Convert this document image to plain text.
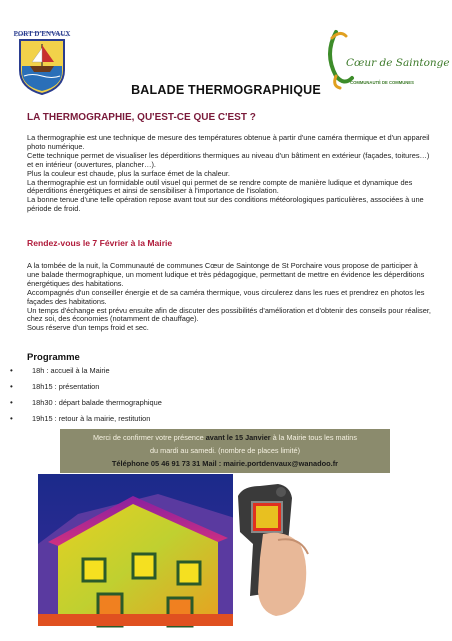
PORT D'ENVAUX
Cœur de Saintonge
COMMUNAUTÉ DE COMMUNES
BALADE THERMOGRAPHIQUE
LA THERMOGRAPHIE, QU'EST-CE QUE C'EST ?

La thermographie est une technique de mesure des températures obtenue à partir d'une caméra thermique et d'un appareil photo numérique.

Cette technique permet de visualiser les déperditions thermiques au niveau d'un bâtiment en extérieur (façades, toitures…) et en intérieur (ouvertures, plancher…).

Plus la couleur est chaude, plus la surface émet de la chaleur.

La thermographie est un formidable outil visuel qui permet de se rendre compte de manière ludique et dynamique des déperditions énergétiques et ainsi de sensibiliser à l'importance de l'isolation.

La bonne tenue d'une telle opération repose avant tout sur des conditions météorologiques particulières, associées à une période de froid.

Rendez-vous le 7 Février à la Mairie

A la tombée de la nuit, la Communauté de communes Cœur de Saintonge de St Porchaire vous propose de participer à une balade thermographique, un moment ludique et très pédagogique, permettant de mettre en évidence les déperditions énergétiques des habitations.

Accompagnés d'un conseiller énergie et de sa caméra thermique, vous circulerez dans les rues et prendrez en photos les façades des habitations.

Un temps d'échange est prévu ensuite afin de discuter des possibilités d'amélioration et d'obtenir des conseils pour réaliser, chez soi, des économies (notamment de chauffage).

Sous réserve d'un temps froid et sec.

Programme
•	18h : accueil à la Mairie
•	18h15 : présentation
•	18h30 : départ balade thermographique
•	19h15 : retour à la mairie, restitution
Merci de confirmer votre présence avant le 15 Janvier à la Mairie tous les matins
du mardi au samedi. (nombre de places limité)
Téléphone 05 46 91 73 31 Mail : mairie.portdenvaux@wanadoo.fr
